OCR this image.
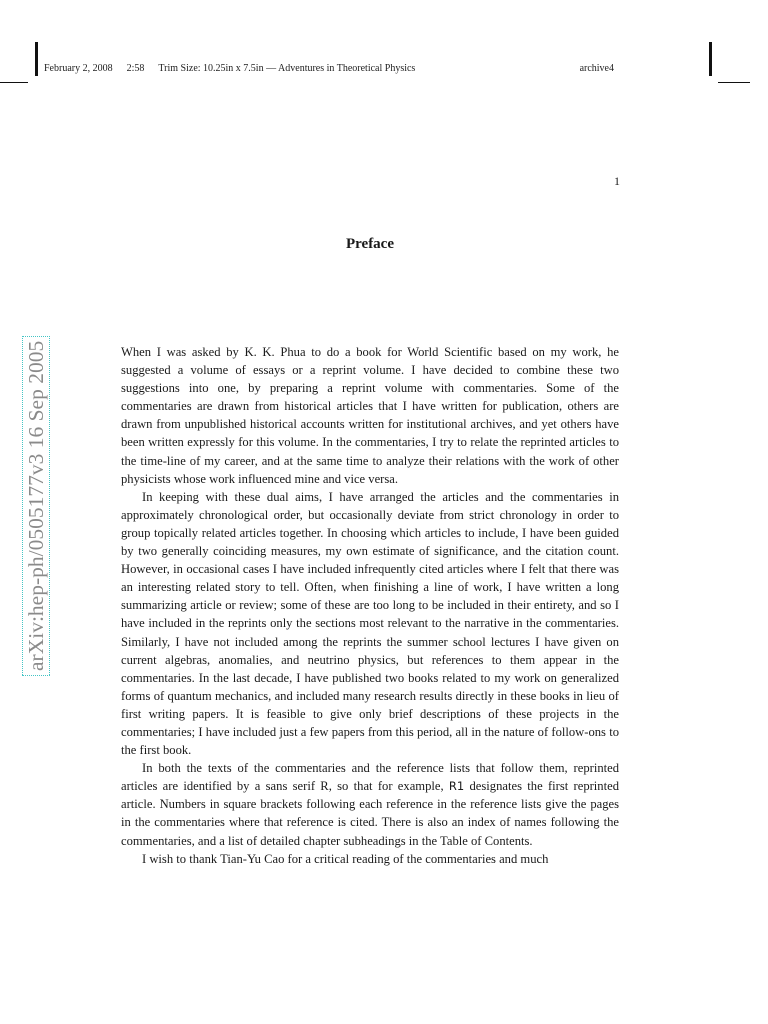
February 2, 2008 2:58 Trim Size: 10.25in x 7.5in — Adventures in Theoretical Physics	archive4
arXiv:hep-ph/0505177v3 16 Sep 2005
1
Preface

When I was asked by K. K. Phua to do a book for World Scientific based on my work, he suggested a volume of essays or a reprint volume. I have decided to combine these two suggestions into one, by preparing a reprint volume with commentaries. Some of the commentaries are drawn from historical articles that I have written for publication, others are drawn from unpublished historical accounts written for institutional archives, and yet others have been written expressly for this volume. In the commentaries, I try to relate the reprinted articles to the time-line of my career, and at the same time to analyze their relations with the work of other physicists whose work influenced mine and vice versa.

In keeping with these dual aims, I have arranged the articles and the commentaries in approximately chronological order, but occasionally deviate from strict chronology in order to group topically related articles together. In choosing which articles to include, I have been guided by two generally coinciding measures, my own estimate of significance, and the citation count. However, in occasional cases I have included infrequently cited articles where I felt that there was an interesting related story to tell. Often, when finishing a line of work, I have written a long summarizing article or review; some of these are too long to be included in their entirety, and so I have included in the reprints only the sections most relevant to the narrative in the commentaries. Similarly, I have not included among the reprints the summer school lectures I have given on current algebras, anomalies, and neutrino physics, but references to them appear in the commentaries. In the last decade, I have published two books related to my work on generalized forms of quantum mechanics, and included many research results directly in these books in lieu of first writing papers. It is feasible to give only brief descriptions of these projects in the commentaries; I have included just a few papers from this period, all in the nature of follow-ons to the first book.

In both the texts of the commentaries and the reference lists that follow them, reprinted articles are identified by a sans serif R, so that for example, R1 designates the first reprinted article. Numbers in square brackets following each reference in the reference lists give the pages in the commentaries where that reference is cited. There is also an index of names following the commentaries, and a list of detailed chapter subheadings in the Table of Contents.

I wish to thank Tian-Yu Cao for a critical reading of the commentaries and much
